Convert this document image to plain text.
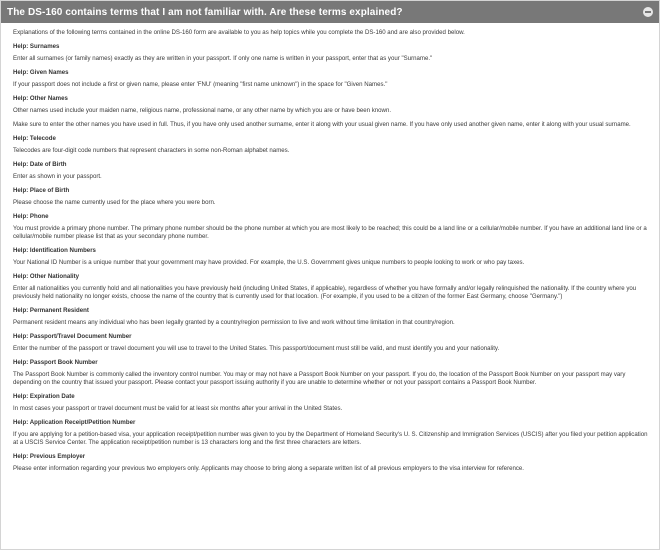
The DS-160 contains terms that I am not familiar with. Are these terms explained?

Explanations of the following terms contained in the online DS-160 form are available to you as help topics while you complete the DS-160 and are also provided below.

Help: Surnames

Enter all surnames (or family names) exactly as they are written in your passport. If only one name is written in your passport, enter that as your "Surname."

Help: Given Names

If your passport does not include a first or given name, please enter 'FNU' (meaning "first name unknown") in the space for "Given Names."

Help: Other Names

Other names used include your maiden name, religious name, professional name, or any other name by which you are or have been known.

Make sure to enter the other names you have used in full. Thus, if you have only used another surname, enter it along with your usual given name. If you have only used another given name, enter it along with your usual surname.

Help: Telecode

Telecodes are four-digit code numbers that represent characters in some non-Roman alphabet names.

Help: Date of Birth

Enter as shown in your passport.

Help: Place of Birth

Please choose the name currently used for the place where you were born.

Help: Phone

You must provide a primary phone number. The primary phone number should be the phone number at which you are most likely to be reached; this could be a land line or a cellular/mobile number. If you have an additional land line or a cellular/mobile number please list that as your secondary phone number.

Help: Identification Numbers

Your National ID Number is a unique number that your government may have provided. For example, the U.S. Government gives unique numbers to people looking to work or who pay taxes.

Help: Other Nationality

Enter all nationalities you currently hold and all nationalities you have previously held (including United States, if applicable), regardless of whether you have formally and/or legally relinquished the nationality. If the country where you previously held nationality no longer exists, choose the name of the country that is currently used for that location. (For example, if you used to be a citizen of the former East Germany, choose "Germany.")

Help: Permanent Resident

Permanent resident means any individual who has been legally granted by a country/region permission to live and work without time limitation in that country/region.

Help: Passport/Travel Document Number

Enter the number of the passport or travel document you will use to travel to the United States. This passport/document must still be valid, and must identify you and your nationality.

Help: Passport Book Number

The Passport Book Number is commonly called the inventory control number. You may or may not have a Passport Book Number on your passport. If you do, the location of the Passport Book Number on your passport may vary depending on the country that issued your passport. Please contact your passport issuing authority if you are unable to determine whether or not your passport contains a Passport Book Number.

Help: Expiration Date

In most cases your passport or travel document must be valid for at least six months after your arrival in the United States.

Help: Application Receipt/Petition Number

If you are applying for a petition-based visa, your application receipt/petition number was given to you by the Department of Homeland Security's U. S. Citizenship and Immigration Services (USCIS) after you filed your petition application at a USCIS Service Center. The application receipt/petition number is 13 characters long and the first three characters are letters.

Help: Previous Employer

Please enter information regarding your previous two employers only. Applicants may choose to bring along a separate written list of all previous employers to the visa interview for reference.
